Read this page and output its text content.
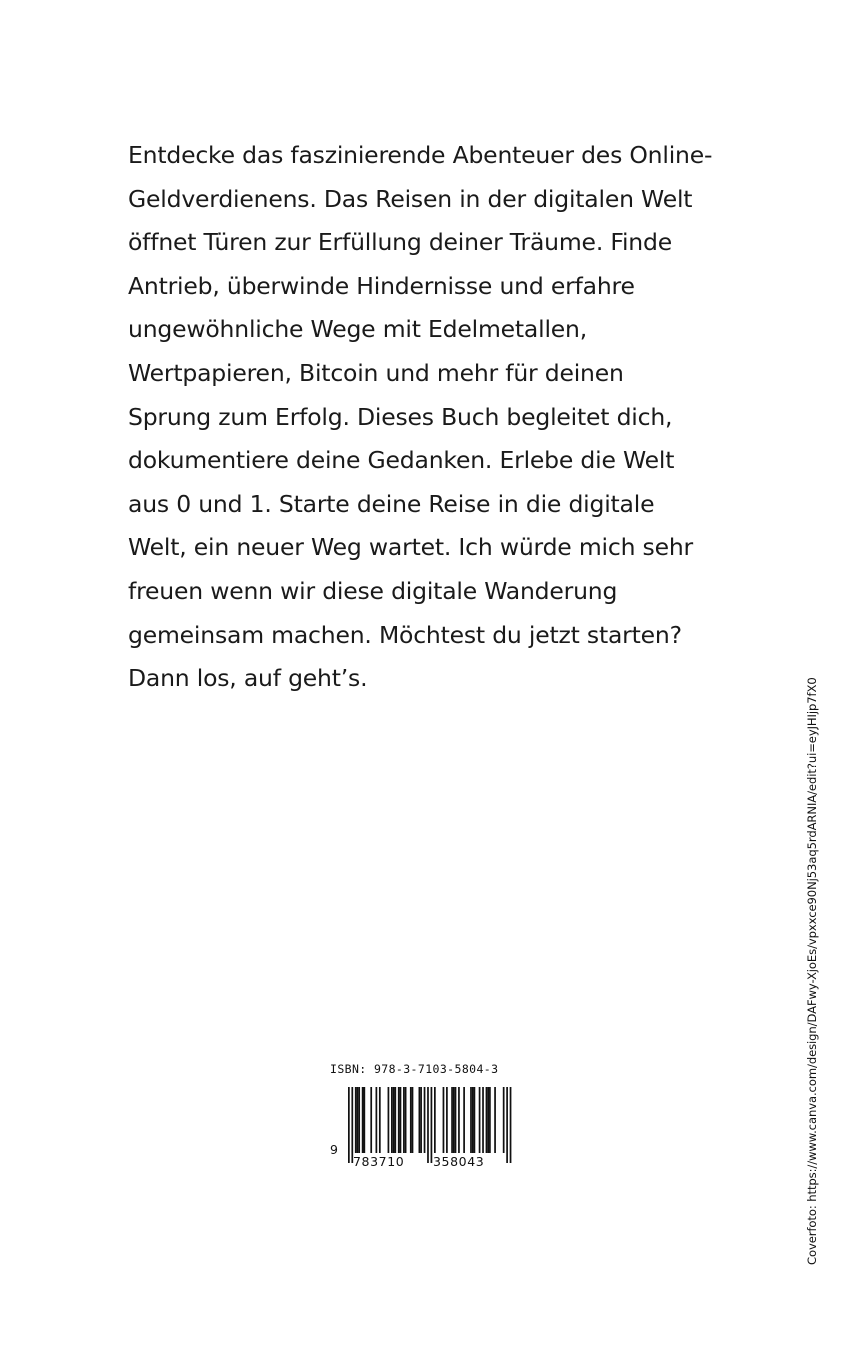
Entdecke das faszinierende Abenteuer des Online-
Geldverdienens. Das Reisen in der digitalen Welt
öffnet Türen zur Erfüllung deiner Träume. Finde
Antrieb, überwinde Hindernisse und erfahre
ungewöhnliche Wege mit Edelmetallen,
Wertpapieren, Bitcoin und mehr für deinen
Sprung zum Erfolg. Dieses Buch begleitet dich,
dokumentiere deine Gedanken. Erlebe die Welt
aus 0 und 1. Starte deine Reise in die digitale
Welt, ein neuer Weg wartet. Ich würde mich sehr
freuen wenn wir diese digitale Wanderung
gemeinsam machen. Möchtest du jetzt starten?
Dann los, auf geht’s.
ISBN: 978-3-7103-5804-3
9
783710 358043	Coverfoto: https://www.canva.com/design/DAFwy-XjoEs/vpxxce90Nj53aq5rdARNIA/edit?ui=eyJHIjp7fX0
